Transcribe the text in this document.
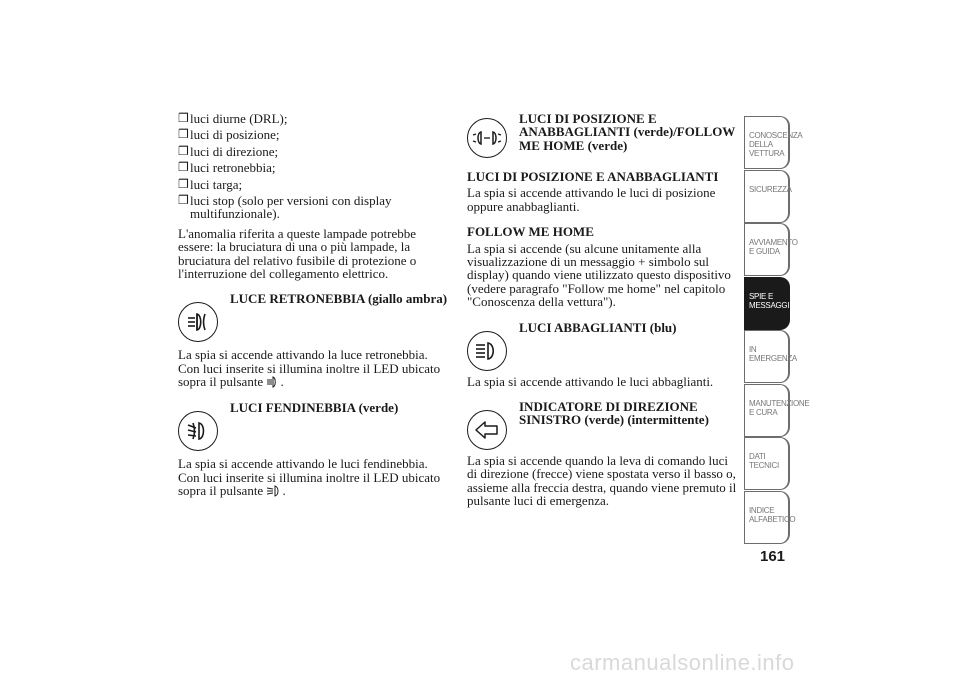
❒ luci diurne (DRL);
❒ luci di posizione;
❒ luci di direzione;
❒ luci retronebbia;
❒ luci targa;
❒ luci stop (solo per versioni con display multifunzionale).

L'anomalia riferita a queste lampade potrebbe essere: la bruciatura di una o più lampade, la bruciatura del relativo fusibile di protezione o l'interruzione del collegamento elettrico.

LUCE RETRONEBBIA (giallo ambra)

La spia si accende attivando la luce retronebbia.
Con luci inserite si illumina inoltre il LED ubicato sopra il pulsante .

LUCI FENDINEBBIA (verde)

La spia si accende attivando le luci fendinebbia.
Con luci inserite si illumina inoltre il LED ubicato sopra il pulsante .

LUCI DI POSIZIONE E ANABBAGLIANTI (verde)/FOLLOW ME HOME (verde)

LUCI DI POSIZIONE E ANABBAGLIANTI

La spia si accende attivando le luci di posizione oppure anabbaglianti.

FOLLOW ME HOME

La spia si accende (su alcune unitamente alla visualizzazione di un messaggio + simbolo sul display) quando viene utilizzato questo dispositivo (vedere paragrafo "Follow me home" nel capitolo "Conoscenza della vettura").

LUCI ABBAGLIANTI (blu)

La spia si accende attivando le luci abbaglianti.

INDICATORE DI DIREZIONE SINISTRO (verde) (intermittente)

La spia si accende quando la leva di comando luci di direzione (frecce) viene spostata verso il basso o, assieme alla freccia destra, quando viene premuto il pulsante luci di emergenza.

CONOSCENZA DELLA VETTURA
SICUREZZA
AVVIAMENTO E GUIDA
SPIE E MESSAGGI
IN EMERGENZA
MANUTENZIONE E CURA
DATI TECNICI
INDICE ALFABETICO
161
carmanualsonline.info
